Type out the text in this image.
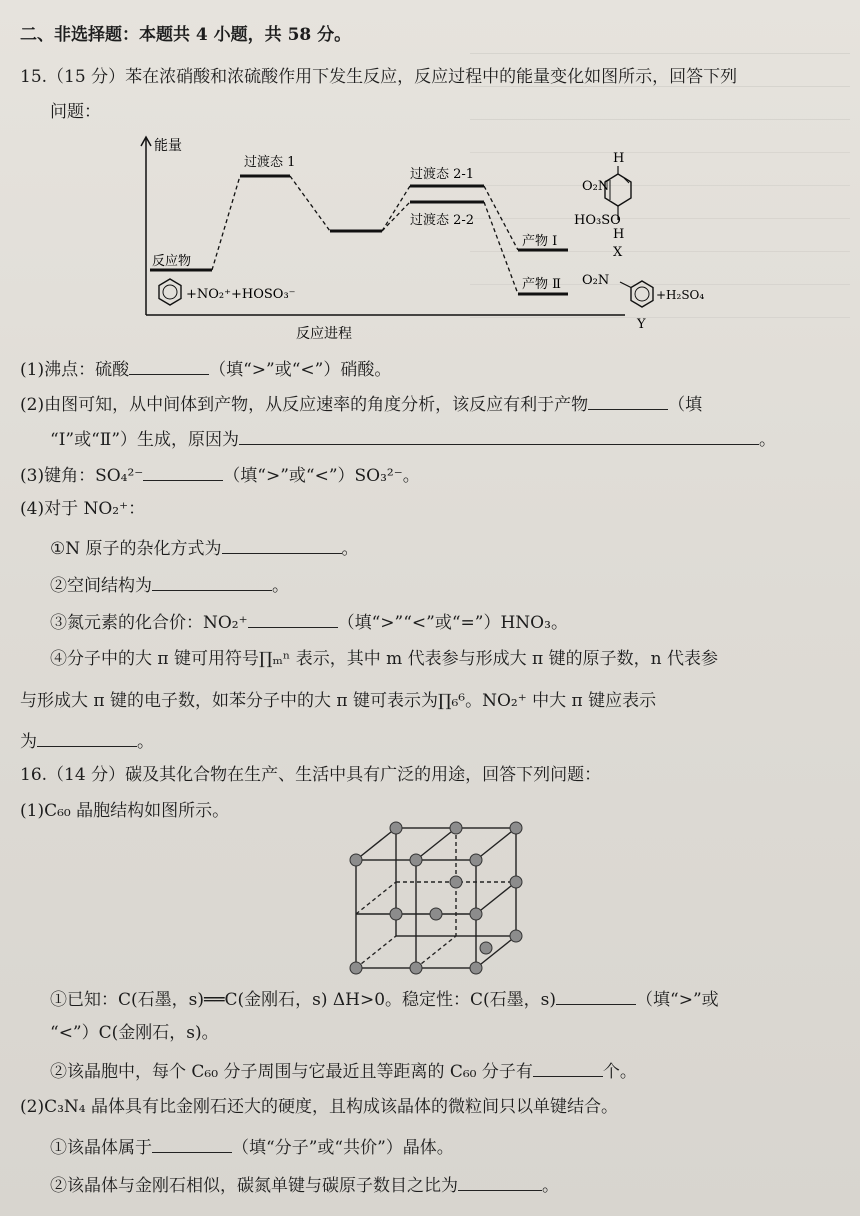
二、非选择题：本题共 4 小题，共 58 分。
15.（15 分）苯在浓硝酸和浓硫酸作用下发生反应，反应过程中的能量变化如图所示，回答下列
问题：
能量
反应物
过渡态 1
过渡态 2-1
过渡态 2-2
产物 Ⅰ
产物 Ⅱ
+NO₂⁺+HOSO₃⁻
O₂N
H
HO₃SO
H
X
O₂N
+H₂SO₄
Y
反应进程
(1)沸点：硫酸	（填“>”或“<”）硝酸。
(2)由图可知，从中间体到产物，从反应速率的角度分析，该反应有利于产物	（填
“Ⅰ”或“Ⅱ”）生成，原因为	。
(3)键角：SO₄²⁻	（填“>”或“<”）SO₃²⁻。
(4)对于 NO₂⁺：
①N 原子的杂化方式为	。
②空间结构为	。
③氮元素的化合价：NO₂⁺	（填“>”“<”或“=”）HNO₃。
④分子中的大 π 键可用符号∏ₘⁿ 表示，其中 m 代表参与形成大 π 键的原子数，n 代表参
与形成大 π 键的电子数，如苯分子中的大 π 键可表示为∏₆⁶。NO₂⁺ 中大 π 键应表示
为	。
16.（14 分）碳及其化合物在生产、生活中具有广泛的用途，回答下列问题：
(1)C₆₀ 晶胞结构如图所示。
①已知：C(石墨，s)══C(金刚石，s) ΔH>0。稳定性：C(石墨，s)	（填“>”或
“<”）C(金刚石，s)。
②该晶胞中，每个 C₆₀ 分子周围与它最近且等距离的 C₆₀ 分子有	个。
(2)C₃N₄ 晶体具有比金刚石还大的硬度，且构成该晶体的微粒间只以单键结合。
①该晶体属于	（填“分子”或“共价”）晶体。
②该晶体与金刚石相似，碳氮单键与碳原子数目之比为	。
